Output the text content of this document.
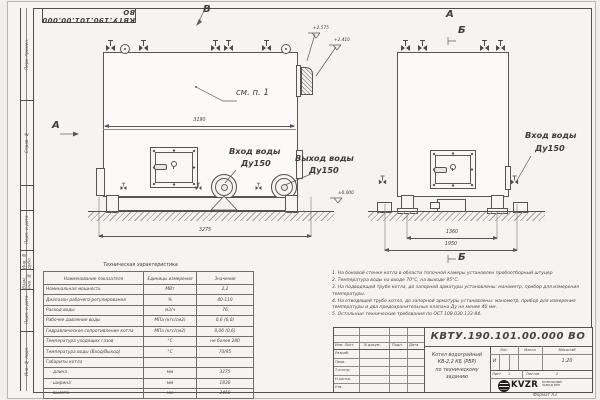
Перв. примен.
Справ. №
Подп. и дата
Инв. № дубл.
Взам. инв. №
Подп. и дата
Инв. № подл.
КВТУ.190.101.00.000 ВО
3190
3275	1360
1950
В
А
А
Б
Б
см. п. 1
+2.575
+2.410
±0.000
Вход воды
Ду150	Выход воды
Ду150
Вход воды
Ду150
Техническая характеристика
Наименование показателя	Единицы измерения	Значение
Номинальная мощность	МВт	2,2
Диапазон рабочего регулирования	%	40-110
Расход воды	м3/ч	76
Рабочее давление воды	МПа (кгс/см2)	0,6 (6,0)
Гидравлическое сопротивление котла	МПа (кгс/см2)	0,06 (0,6)
Температура уходящих газов	°С	не более 280
Температура воды (Вход/Выход)	°С	70/95
Габариты котла		
- длина	мм	3275
- ширина	мм	1830
- высота	мм	2460
1. На боковой стенке котла в области топочной камеры установлен пробоотборный штуцер
2. Температура воды на входе 70°С, на выходе 95°С.
3. На подводящей трубе котла, до запорной арматуры установлены: манометр, прибор для измерения температуры.
4. На отводящей трубе котла, до запорной арматуры установлены: манометр, прибор для измерения температуры и два предохранительных клапана Ду не менее 40 мм.
5. Остальные технические требования по ОСТ 108.030.133-84.
Изм. Лист	N докум.	Подп. Дата
Разраб.
Пров.
Т.контр.
Н.контр.
Утв.
КВТУ.190.101.00.000 ВО
Котел водогрейный
КВ-2,2 КБ (РВР)
по техническому заданию
Лит.	Масса	Масштаб
И	1:20
Лист 1	Листов	2
KVZR КОТЕЛЬНЫЙ
ЗАВОД РЭП
Формат А3
